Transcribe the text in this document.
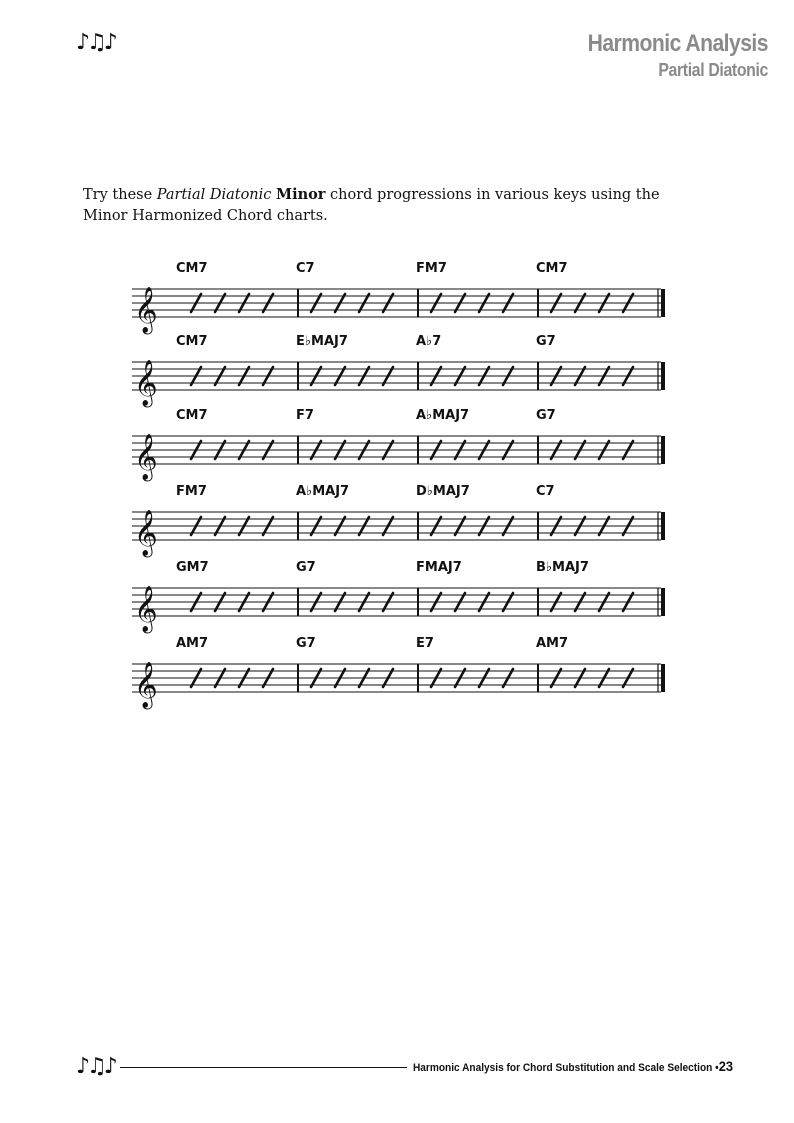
♪♫♪	Harmonic Analysis
Partial Diatonic

Try these Partial Diatonic Minor chord progressions in various keys using the Minor Harmonized Chord charts.

𝄞
CM7	C7	FM7	CM7
𝄞
CM7	E♭MAJ7	A♭7	G7
𝄞
CM7	F7	A♭MAJ7	G7
𝄞
FM7	A♭MAJ7	D♭MAJ7	C7
𝄞
GM7	G7	FMAJ7	B♭MAJ7
𝄞
AM7	G7	E7	AM7
♪♫♪	Harmonic Analysis for Chord Substitution and Scale Selection •23
